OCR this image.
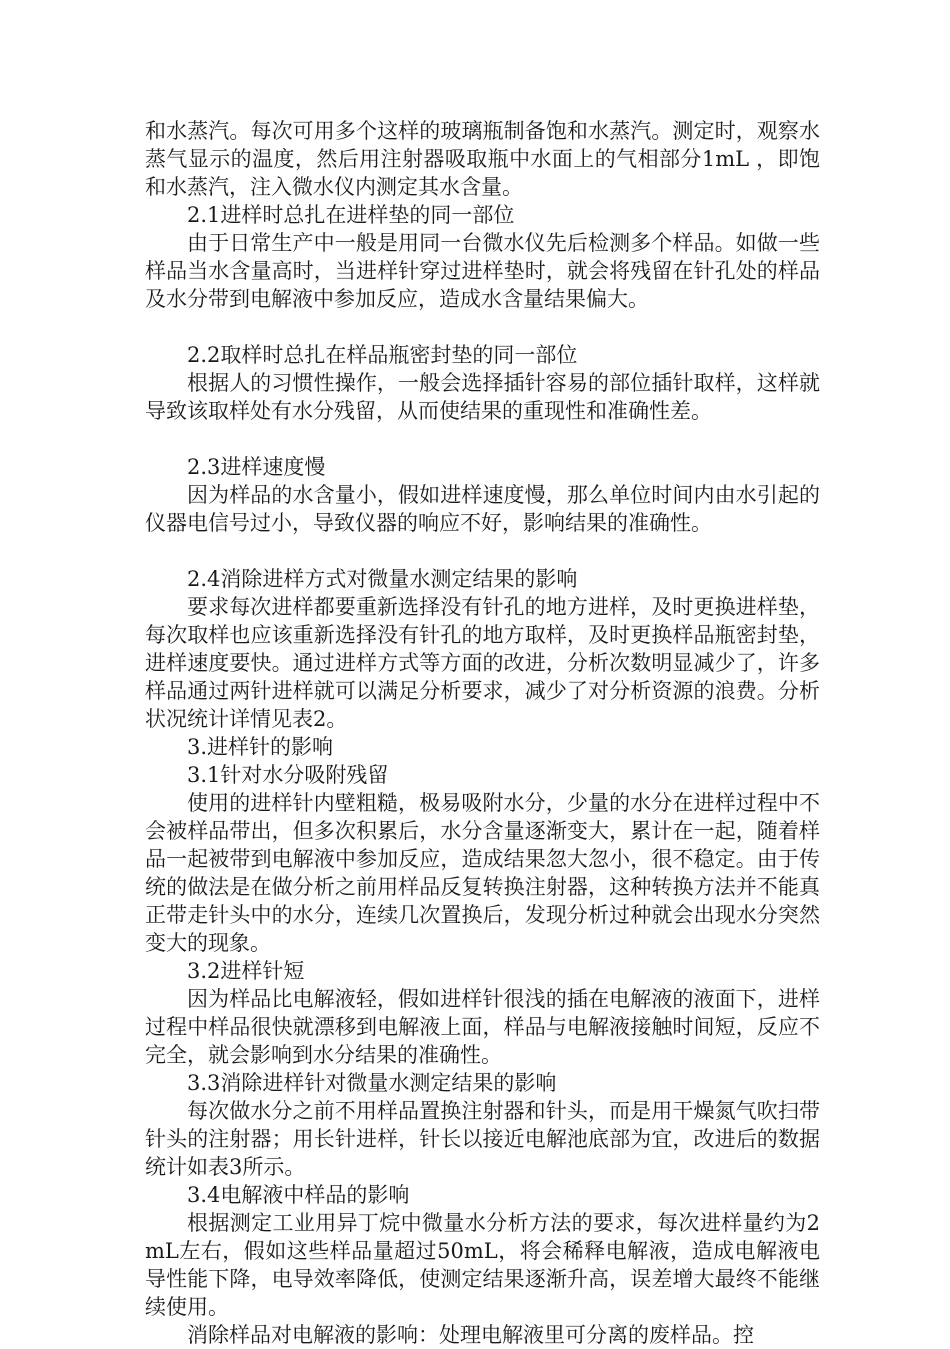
和水蒸汽。每次可用多个这样的玻璃瓶制备饱和水蒸汽。测定时，观察水蒸气显示的温度，然后用注射器吸取瓶中水面上的气相部分1mL ，即饱和水蒸汽，注入微水仪内测定其水含量。

2.1进样时总扎在进样垫的同一部位

由于日常生产中一般是用同一台微水仪先后检测多个样品。如做一些样品当水含量高时，当进样针穿过进样垫时，就会将残留在针孔处的样品及水分带到电解液中参加反应，造成水含量结果偏大。

2.2取样时总扎在样品瓶密封垫的同一部位

根据人的习惯性操作，一般会选择插针容易的部位插针取样，这样就导致该取样处有水分残留，从而使结果的重现性和准确性差。

2.3进样速度慢

因为样品的水含量小，假如进样速度慢，那么单位时间内由水引起的仪器电信号过小，导致仪器的响应不好，影响结果的准确性。

2.4消除进样方式对微量水测定结果的影响

要求每次进样都要重新选择没有针孔的地方进样，及时更换进样垫，每次取样也应该重新选择没有针孔的地方取样，及时更换样品瓶密封垫，进样速度要快。通过进样方式等方面的改进，分析次数明显减少了，许多样品通过两针进样就可以满足分析要求，减少了对分析资源的浪费。分析状况统计详情见表2。

3.进样针的影响
3.1针对水分吸附残留

使用的进样针内壁粗糙，极易吸附水分，少量的水分在进样过程中不会被样品带出，但多次积累后，水分含量逐渐变大，累计在一起，随着样品一起被带到电解液中参加反应，造成结果忽大忽小，很不稳定。由于传统的做法是在做分析之前用样品反复转换注射器，这种转换方法并不能真正带走针头中的水分，连续几次置换后，发现分析过种就会出现水分突然变大的现象。

3.2进样针短

因为样品比电解液轻，假如进样针很浅的插在电解液的液面下，进样过程中样品很快就漂移到电解液上面，样品与电解液接触时间短，反应不完全，就会影响到水分结果的准确性。

3.3消除进样针对微量水测定结果的影响

每次做水分之前不用样品置换注射器和针头，而是用干燥氮气吹扫带针头的注射器；用长针进样，针长以接近电解池底部为宜，改进后的数据统计如表3所示。

3.4电解液中样品的影响

根据测定工业用异丁烷中微量水分析方法的要求，每次进样量约为2mL左右，假如这些样品量超过50mL，将会稀释电解液，造成电解液电导性能下降，电导效率降低，使测定结果逐渐升高，误差增大最终不能继续使用。

消除样品对电解液的影响：处理电解液里可分离的废样品。控
